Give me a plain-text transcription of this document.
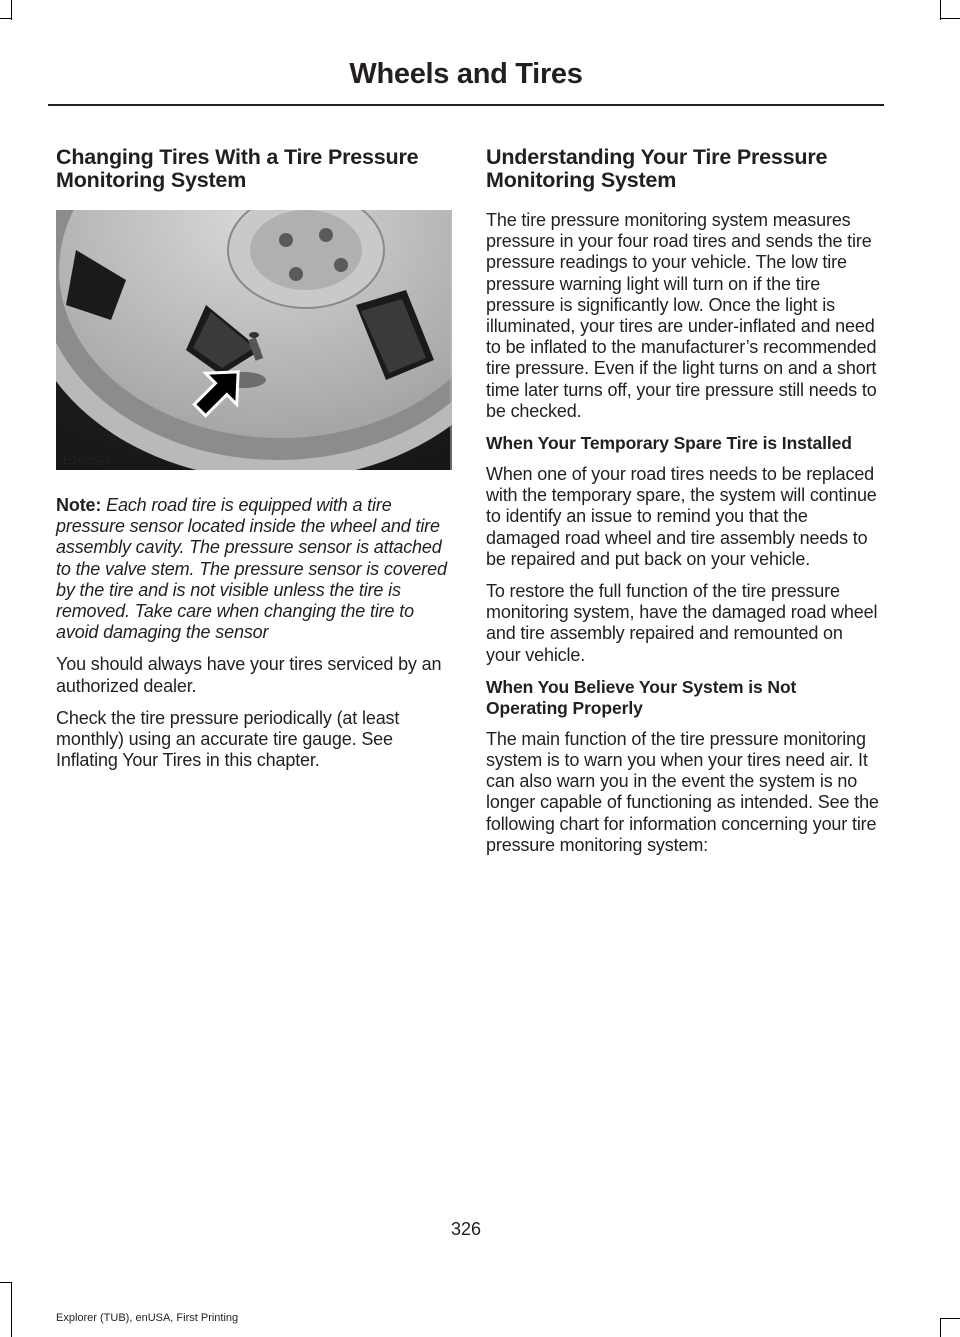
Wheels and Tires
Changing Tires With a Tire Pressure Monitoring System
E142549

Note: Each road tire is equipped with a tire pressure sensor located inside the wheel and tire assembly cavity. The pressure sensor is attached to the valve stem. The pressure sensor is covered by the tire and is not visible unless the tire is removed. Take care when changing the tire to avoid damaging the sensor

You should always have your tires serviced by an authorized dealer.

Check the tire pressure periodically (at least monthly) using an accurate tire gauge. See Inflating Your Tires in this chapter.

Understanding Your Tire Pressure Monitoring System

The tire pressure monitoring system measures pressure in your four road tires and sends the tire pressure readings to your vehicle. The low tire pressure warning light will turn on if the tire pressure is significantly low. Once the light is illuminated, your tires are under-inflated and need to be inflated to the manufacturer’s recommended tire pressure. Even if the light turns on and a short time later turns off, your tire pressure still needs to be checked.

When Your Temporary Spare Tire is Installed

When one of your road tires needs to be replaced with the temporary spare, the system will continue to identify an issue to remind you that the damaged road wheel and tire assembly needs to be repaired and put back on your vehicle.

To restore the full function of the tire pressure monitoring system, have the damaged road wheel and tire assembly repaired and remounted on your vehicle.

When You Believe Your System is Not Operating Properly

The main function of the tire pressure monitoring system is to warn you when your tires need air. It can also warn you in the event the system is no longer capable of functioning as intended. See the following chart for information concerning your tire pressure monitoring system:

326
Explorer (TUB), enUSA, First Printing
